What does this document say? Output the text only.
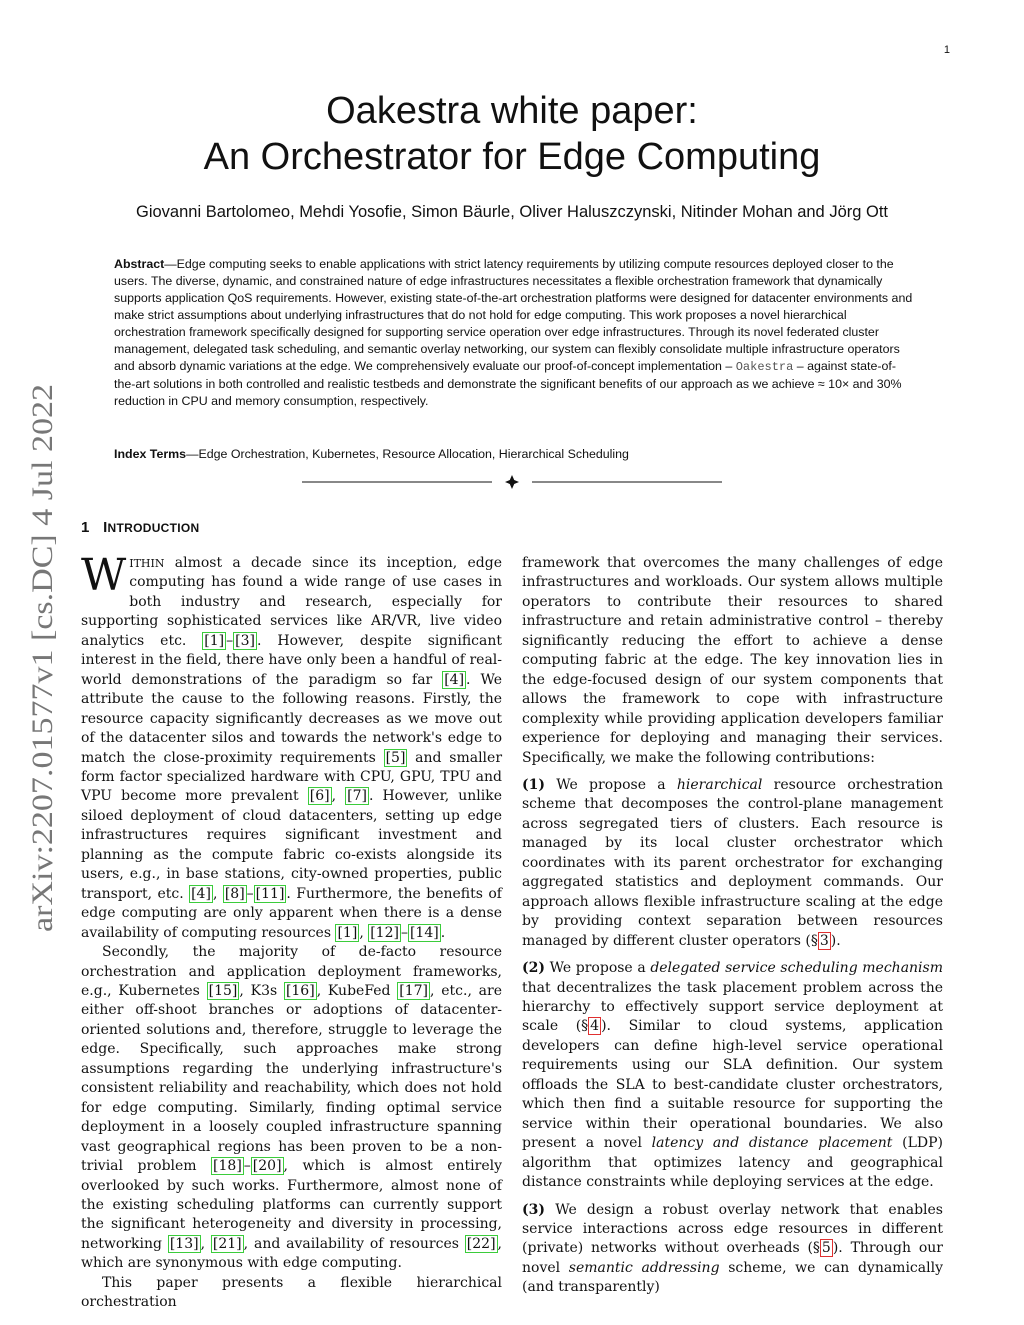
1
arXiv:2207.01577v1 [cs.DC] 4 Jul 2022
Oakestra white paper:
An Orchestrator for Edge Computing
Giovanni Bartolomeo, Mehdi Yosofie, Simon Bäurle, Oliver Haluszczynski, Nitinder Mohan and Jörg Ott
Abstract—Edge computing seeks to enable applications with strict latency requirements by utilizing compute resources deployed closer to the users. The diverse, dynamic, and constrained nature of edge infrastructures necessitates a flexible orchestration framework that dynamically supports application QoS requirements. However, existing state-of-the-art orchestration platforms were designed for datacenter environments and make strict assumptions about underlying infrastructures that do not hold for edge computing. This work proposes a novel hierarchical orchestration framework specifically designed for supporting service operation over edge infrastructures. Through its novel federated cluster management, delegated task scheduling, and semantic overlay networking, our system can flexibly consolidate multiple infrastructure operators and absorb dynamic variations at the edge. We comprehensively evaluate our proof-of-concept implementation – Oakestra – against state-of-the-art solutions in both controlled and realistic testbeds and demonstrate the significant benefits of our approach as we achieve ≈ 10× and 30% reduction in CPU and memory consumption, respectively.
Index Terms—Edge Orchestration, Kubernetes, Resource Allocation, Hierarchical Scheduling
1 INTRODUCTION

WITHIN almost a decade since its inception, edge computing has found a wide range of use cases in both industry and research, especially for supporting sophisticated services like AR/VR, live video analytics etc. [1] – [3] . However, despite significant interest in the field, there have only been a handful of real-world demonstrations of the paradigm so far [4] . We attribute the cause to the following reasons. Firstly, the resource capacity significantly decreases as we move out of the datacenter silos and towards the network's edge to match the close-proximity requirements [5] and smaller form factor specialized hardware with CPU, GPU, TPU and VPU become more prevalent [6] , [7] . However, unlike siloed deployment of cloud datacenters, setting up edge infrastructures requires significant investment and planning as the compute fabric co-exists alongside its users, e.g., in base stations, city-owned properties, public transport, etc. [4] , [8] – [11] . Furthermore, the benefits of edge computing are only apparent when there is a dense availability of computing resources [1] , [12] – [14] .

Secondly, the majority of de-facto resource orchestration and application deployment frameworks, e.g., Kubernetes [15] , K3s [16] , KubeFed [17] , etc., are either off-shoot branches or adoptions of datacenter-oriented solutions and, therefore, struggle to leverage the edge. Specifically, such approaches make strong assumptions regarding the underlying infrastructure's consistent reliability and reachability, which does not hold for edge computing. Similarly, finding optimal service deployment in a loosely coupled infrastructure spanning vast geographical regions has been proven to be a non-trivial problem [18] – [20] , which is almost entirely overlooked by such works. Furthermore, almost none of the existing scheduling platforms can currently support the significant heterogeneity and diversity in processing, networking [13] , [21] , and availability of resources [22] , which are synonymous with edge computing.

This paper presents a flexible hierarchical orchestration

framework that overcomes the many challenges of edge infrastructures and workloads. Our system allows multiple operators to contribute their resources to shared infrastructure and retain administrative control – thereby significantly reducing the effort to achieve a dense computing fabric at the edge. The key innovation lies in the edge-focused design of our system components that allows the framework to cope with infrastructure complexity while providing application developers familiar experience for deploying and managing their services. Specifically, we make the following contributions:

(1) We propose a hierarchical resource orchestration scheme that decomposes the control-plane management across segregated tiers of clusters. Each resource is managed by its local cluster orchestrator which coordinates with its parent orchestrator for exchanging aggregated statistics and deployment commands. Our approach allows flexible infrastructure scaling at the edge by providing context separation between resources managed by different cluster operators (§ 3 ).

(2) We propose a delegated service scheduling mechanism that decentralizes the task placement problem across the hierarchy to effectively support service deployment at scale (§ 4 ). Similar to cloud systems, application developers can define high-level service operational requirements using our SLA definition. Our system offloads the SLA to best-candidate cluster orchestrators, which then find a suitable resource for supporting the service within their operational boundaries. We also present a novel latency and distance placement (LDP) algorithm that optimizes latency and geographical distance constraints while deploying services at the edge.

(3) We design a robust overlay network that enables service interactions across edge resources in different (private) networks without overheads (§ 5 ). Through our novel semantic addressing scheme, we can dynamically (and transparently)
